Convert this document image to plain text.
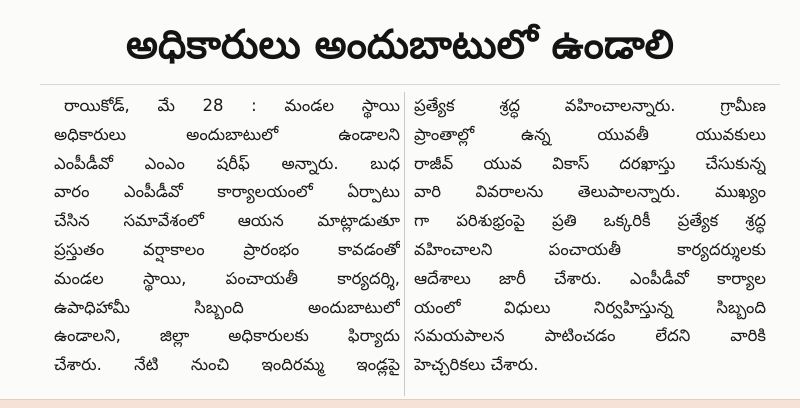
అధికారులు అందుబాటులో ఉండాలి
రాయికోడ్, మే 28 : మండల స్థాయి
అధికారులు అందుబాటులో ఉండాలని
ఎంపీడీవో ఎంఎం షరీఫ్ అన్నారు. బుధ
వారం ఎంపీడీవో కార్యాలయంలో ఏర్పాటు
చేసిన సమావేశంలో ఆయన మాట్లాడుతూ
ప్రస్తుతం వర్షాకాలం ప్రారంభం కావడంతో
మండల స్థాయి, పంచాయతీ కార్యదర్శి,
ఉపాధిహామీ సిబ్బంది అందుబాటులో
ఉండాలని, జిల్లా అధికారులకు ఫిర్యాదు
చేశారు. నేటి నుంచి ఇందిరమ్మ ఇండ్లపై
ప్రత్యేక శ్రద్ధ వహించాలన్నారు. గ్రామీణ
ప్రాంతాల్లో ఉన్న యువతీ యువకులు
రాజీవ్ యువ వికాస్ దరఖాస్తు చేసుకున్న
వారి వివరాలను తెలుపాలన్నారు. ముఖ్యం
గా పరిశుభ్రంపై ప్రతి ఒక్కరికీ ప్రత్యేక శ్రద్ధ
వహించాలని పంచాయతీ కార్యదర్శులకు
ఆదేశాలు జారీ చేశారు. ఎంపీడీవో కార్యాల
యంలో విధులు నిర్వహిస్తున్న సిబ్బంది
సమయపాలన పాటించడం లేదని వారికి
హెచ్చరికలు చేశారు.
